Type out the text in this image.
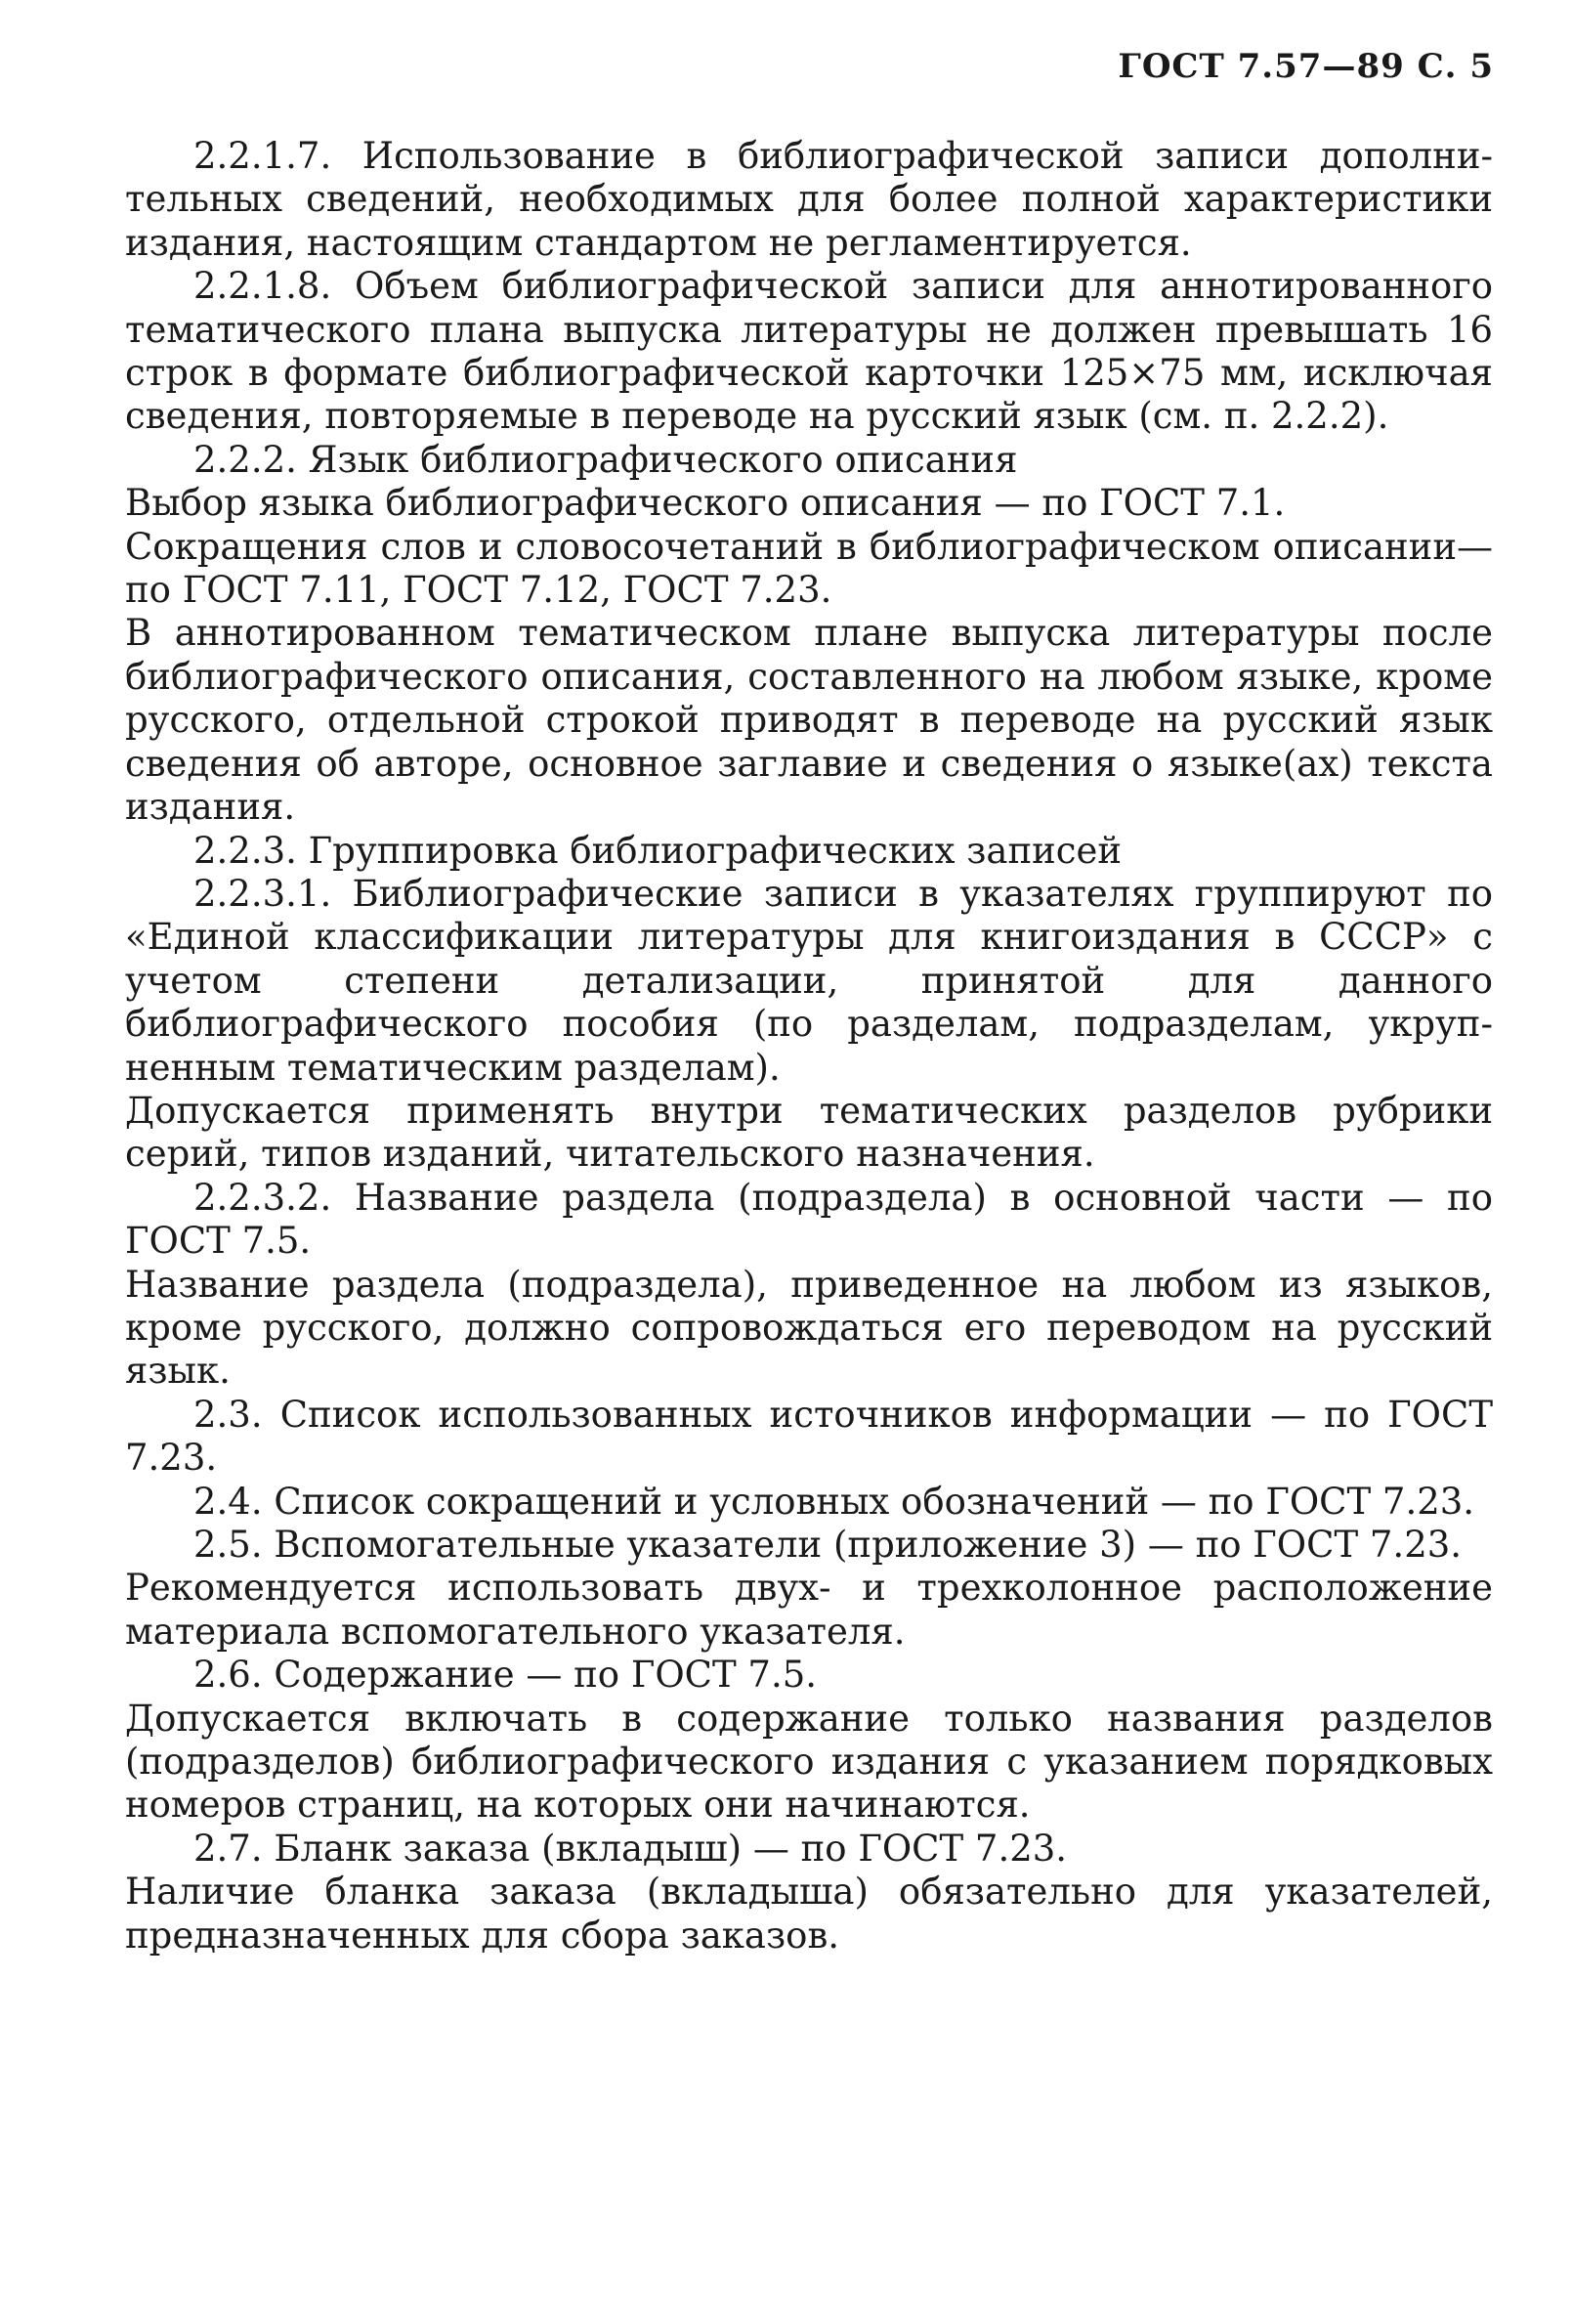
ГОСТ 7.57—89 С. 5

2.2.1.7. Использование в библиографической записи дополнительных сведений, необходимых для более полной характеристики издания, настоящим стандартом не регламентируется.

2.2.1.8. Объем библиографической записи для аннотированного тематического плана выпуска литературы не должен превышать 16 строк в формате библиографической карточки 125×75 мм, исключая сведения, повторяемые в переводе на русский язык (см. п. 2.2.2).

2.2.2. Язык библиографического описания

Выбор языка библиографического описания — по ГОСТ 7.1.

Сокращения слов и словосочетаний в библиографическом описании—по ГОСТ 7.11, ГОСТ 7.12, ГОСТ 7.23.

В аннотированном тематическом плане выпуска литературы после библиографического описания, составленного на любом языке, кроме русского, отдельной строкой приводят в переводе на русский язык сведения об авторе, основное заглавие и сведения о языке(ах) текста издания.

2.2.3. Группировка библиографических записей

2.2.3.1. Библиографические записи в указателях группируют по «Единой классификации литературы для книгоиздания в СССР» с учетом степени детализации, принятой для данного библиографического пособия (по разделам, подразделам, укрупненным тематическим разделам).

Допускается применять внутри тематических разделов рубрики серий, типов изданий, читательского назначения.

2.2.3.2. Название раздела (подраздела) в основной части — по ГОСТ 7.5.

Название раздела (подраздела), приведенное на любом из языков, кроме русского, должно сопровождаться его переводом на русский язык.

2.3. Список использованных источников информации — по ГОСТ 7.23.

2.4. Список сокращений и условных обозначений — по ГОСТ 7.23.

2.5. Вспомогательные указатели (приложение 3) — по ГОСТ 7.23.

Рекомендуется использовать двух- и трехколонное расположение материала вспомогательного указателя.

2.6. Содержание — по ГОСТ 7.5.

Допускается включать в содержание только названия разделов (подразделов) библиографического издания с указанием порядковых номеров страниц, на которых они начинаются.

2.7. Бланк заказа (вкладыш) — по ГОСТ 7.23.

Наличие бланка заказа (вкладыша) обязательно для указателей, предназначенных для сбора заказов.
